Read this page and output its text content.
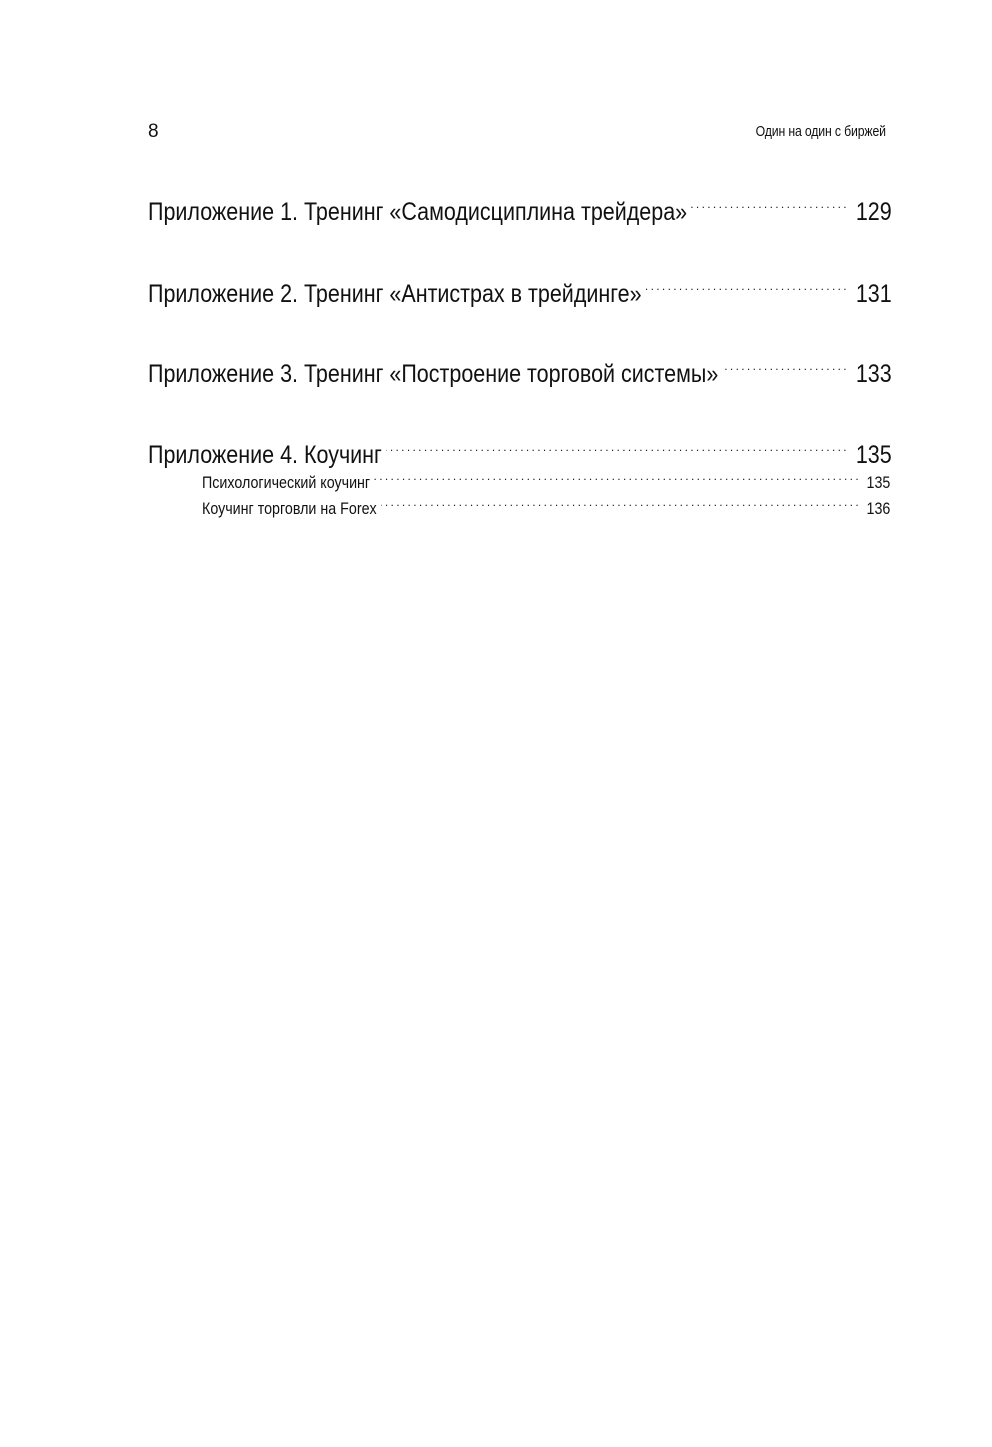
8	Один на один с биржей
Приложение 1. Тренинг «Самодисциплина трейдера» . . .	129
Приложение 2. Тренинг «Антистрах в трейдинге» . . .	131
Приложение 3. Тренинг «Построение торговой системы» . . .	133
Приложение 4. Коучинг . . .	135
Психологический коучинг . . .	135
Коучинг торговли на Forex . . .	136
